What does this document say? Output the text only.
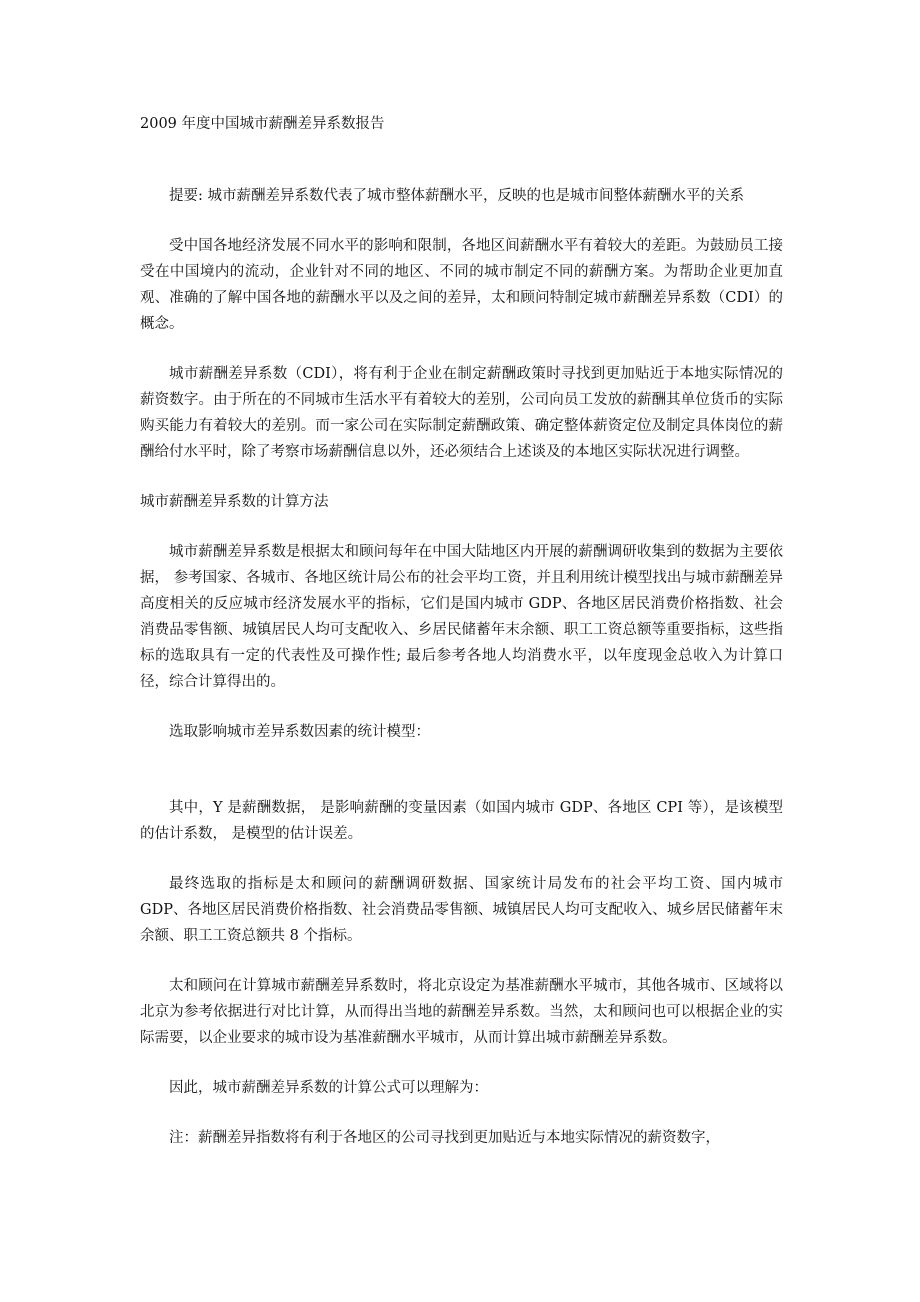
2009 年度中国城市薪酬差异系数报告

提要: 城市薪酬差异系数代表了城市整体薪酬水平，反映的也是城市间整体薪酬水平的关系

受中国各地经济发展不同水平的影响和限制，各地区间薪酬水平有着较大的差距。为鼓励员工接受在中国境内的流动，企业针对不同的地区、不同的城市制定不同的薪酬方案。为帮助企业更加直观、准确的了解中国各地的薪酬水平以及之间的差异，太和顾问特制定城市薪酬差异系数（CDI）的概念。

城市薪酬差异系数（CDI），将有利于企业在制定薪酬政策时寻找到更加贴近于本地实际情况的薪资数字。由于所在的不同城市生活水平有着较大的差别，公司向员工发放的薪酬其单位货币的实际购买能力有着较大的差别。而一家公司在实际制定薪酬政策、确定整体薪资定位及制定具体岗位的薪酬给付水平时，除了考察市场薪酬信息以外，还必须结合上述谈及的本地区实际状况进行调整。

城市薪酬差异系数的计算方法

城市薪酬差异系数是根据太和顾问每年在中国大陆地区内开展的薪酬调研收集到的数据为主要依据， 参考国家、各城市、各地区统计局公布的社会平均工资，并且利用统计模型找出与城市薪酬差异高度相关的反应城市经济发展水平的指标，它们是国内城市 GDP、各地区居民消费价格指数、社会消费品零售额、城镇居民人均可支配收入、乡居民储蓄年末余额、职工工资总额等重要指标，这些指标的选取具有一定的代表性及可操作性; 最后参考各地人均消费水平，以年度现金总收入为计算口径，综合计算得出的。

选取影响城市差异系数因素的统计模型：

其中，Y 是薪酬数据， 是影响薪酬的变量因素（如国内城市 GDP、各地区 CPI 等），是该模型的估计系数， 是模型的估计误差。

最终选取的指标是太和顾问的薪酬调研数据、国家统计局发布的社会平均工资、国内城市 GDP、各地区居民消费价格指数、社会消费品零售额、城镇居民人均可支配收入、城乡居民储蓄年末余额、职工工资总额共 8 个指标。

太和顾问在计算城市薪酬差异系数时，将北京设定为基准薪酬水平城市，其他各城市、区域将以北京为参考依据进行对比计算，从而得出当地的薪酬差异系数。当然，太和顾问也可以根据企业的实际需要，以企业要求的城市设为基准薪酬水平城市，从而计算出城市薪酬差异系数。

因此，城市薪酬差异系数的计算公式可以理解为：

注：薪酬差异指数将有利于各地区的公司寻找到更加贴近与本地实际情况的薪资数字，
